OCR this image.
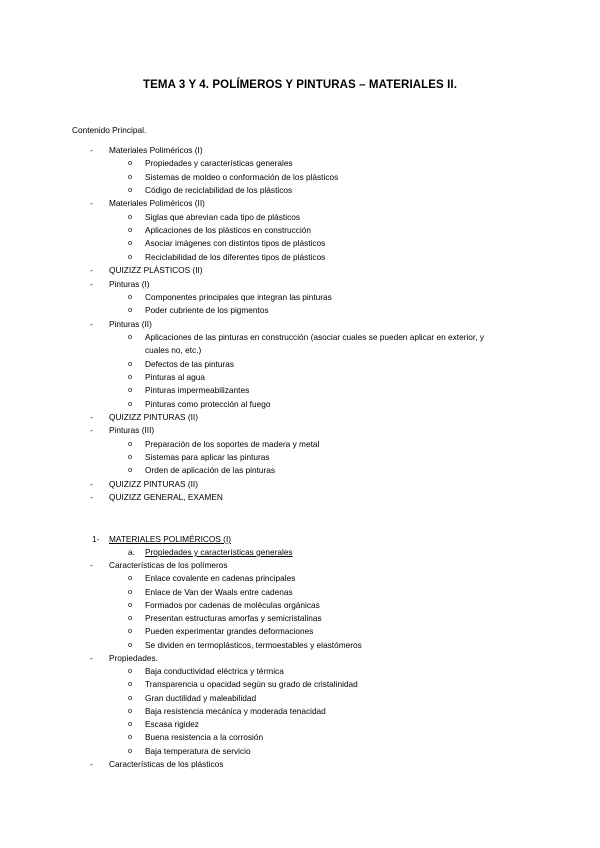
TEMA 3 Y 4. POLÍMEROS Y PINTURAS – MATERIALES II.
Contenido Principal.
- Materiales Poliméricos (I)
o Propiedades y características generales
o Sistemas de moldeo o conformación de los plásticos
o Código de reciclabilidad de los plásticos
- Materiales Poliméricos (II)
o Siglas que abrevian cada tipo de plásticos
o Aplicaciones de los plásticos en construcción
o Asociar imágenes con distintos tipos de plásticos
o Reciclabilidad de los diferentes tipos de plásticos
- QUIZIZZ PLÁSTICOS (II)
- Pinturas (I)
o Componentes principales que integran las pinturas
o Poder cubriente de los pigmentos
- Pinturas (II)
o Aplicaciones de las pinturas en construcción (asociar cuales se pueden aplicar en exterior, y
cuales no, etc.)
o Defectos de las pinturas
o Pinturas al agua
o Pinturas impermeabilizantes
o Pinturas como protección al fuego
- QUIZIZZ PINTURAS (II)
- Pinturas (III)
o Preparación de los soportes de madera y metal
o Sistemas para aplicar las pinturas
o Orden de aplicación de las pinturas
- QUIZIZZ PINTURAS (II)
- QUIZIZZ GENERAL, EXAMEN
1- MATERIALES POLIMÉRICOS (I)
a. Propiedades y características generales
- Características de los polímeros
o Enlace covalente en cadenas principales
o Enlace de Van der Waals entre cadenas
o Formados por cadenas de moléculas orgánicas
o Presentan estructuras amorfas y semicristalinas
o Pueden experimentar grandes deformaciones
o Se dividen en termoplásticos, termoestables y elastómeros
- Propiedades.
o Baja conductividad eléctrica y térmica
o Transparencia u opacidad según su grado de cristalinidad
o Gran ductilidad y maleabilidad
o Baja resistencia mecánica y moderada tenacidad
o Escasa rigidez
o Buena resistencia a la corrosión
o Baja temperatura de servicio
- Características de los plásticos
